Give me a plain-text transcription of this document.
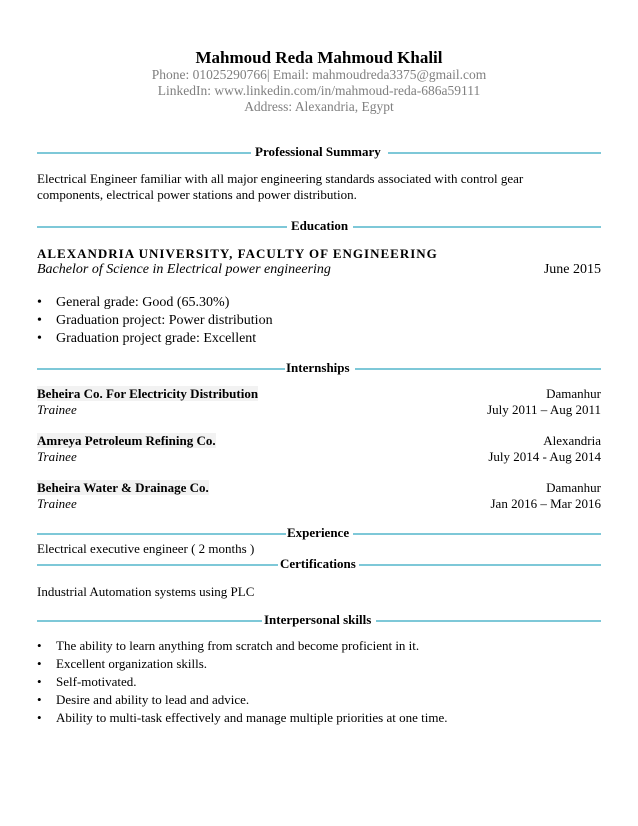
Mahmoud Reda Mahmoud Khalil
Phone: 01025290766| Email: mahmoudreda3375@gmail.com
LinkedIn: www.linkedin.com/in/mahmoud-reda-686a59111
Address: Alexandria, Egypt
Professional Summary
Electrical Engineer familiar with all major engineering standards associated with control gear
components, electrical power stations and power distribution.
Education
ALEXANDRIA UNIVERSITY, FACULTY OF ENGINEERING
Bachelor of Science in Electrical power engineering	June 2015
• General grade: Good (65.30%)
• Graduation project: Power distribution
• Graduation project grade: Excellent
Internships
Beheira Co. For Electricity Distribution	Damanhur
Trainee	July 2011 – Aug 2011
Amreya Petroleum Refining Co.	Alexandria
Trainee	July 2014 - Aug 2014
Beheira Water & Drainage Co.	Damanhur
Trainee	Jan 2016 – Mar 2016
Experience
Electrical executive engineer ( 2 months )
Certifications
Industrial Automation systems using PLC
Interpersonal skills
• The ability to learn anything from scratch and become proficient in it.
• Excellent organization skills.
• Self-motivated.
• Desire and ability to lead and advice.
• Ability to multi-task effectively and manage multiple priorities at one time.
